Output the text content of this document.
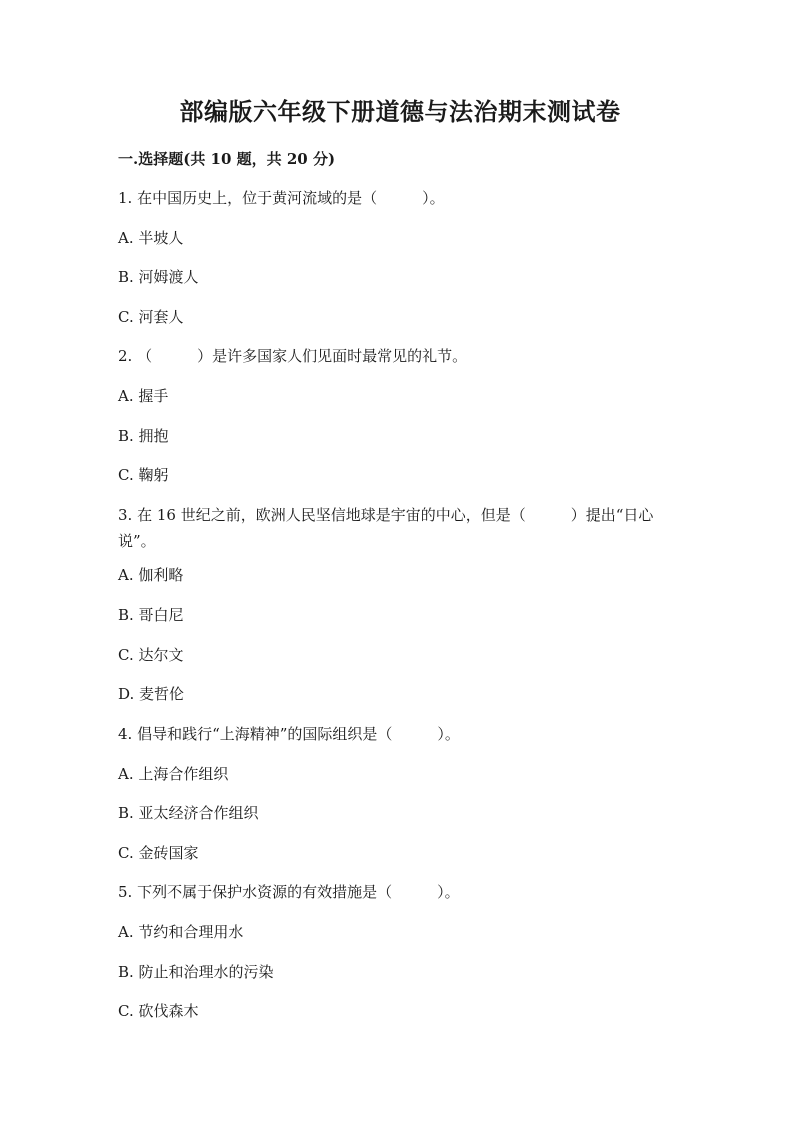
部编版六年级下册道德与法治期末测试卷
一.选择题(共 10 题，共 20 分)
1. 在中国历史上，位于黄河流域的是（　　　）。
A. 半坡人
B. 河姆渡人
C. 河套人
2. （　　　）是许多国家人们见面时最常见的礼节。
A. 握手
B. 拥抱
C. 鞠躬
3. 在 16 世纪之前，欧洲人民坚信地球是宇宙的中心，但是（　　　）提出“日心说”。
A. 伽利略
B. 哥白尼
C. 达尔文
D. 麦哲伦
4. 倡导和践行“上海精神”的国际组织是（　　　）。
A. 上海合作组织
B. 亚太经济合作组织
C. 金砖国家
5. 下列不属于保护水资源的有效措施是（　　　）。
A. 节约和合理用水
B. 防止和治理水的污染
C. 砍伐森木
